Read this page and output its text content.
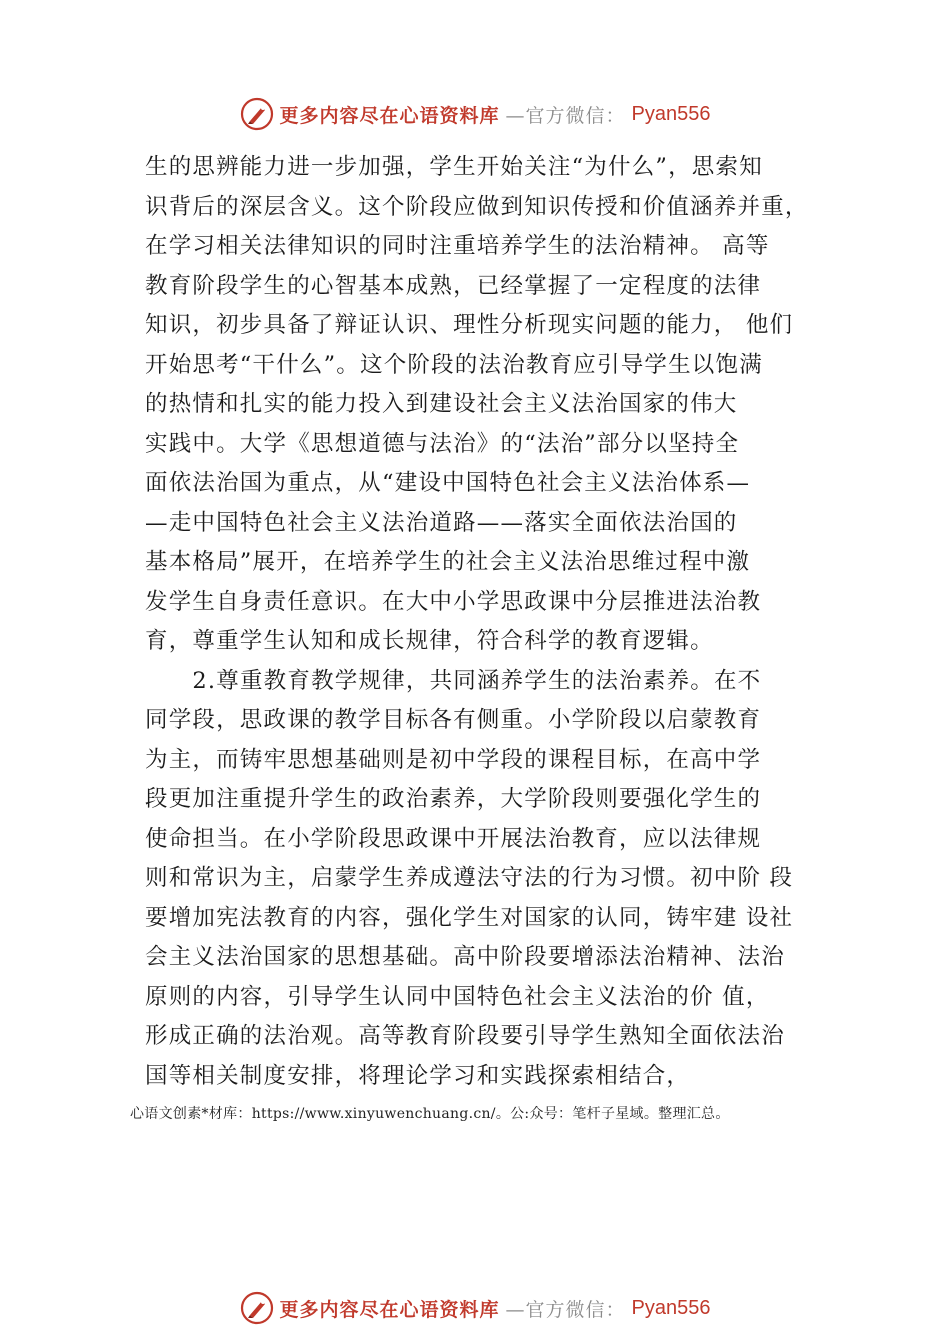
更多内容尽在心语资料库 —官方微信： Pyan556
生的思辨能力进一步加强，学生开始关注“为什么”，思索知
识背后的深层含义。这个阶段应做到知识传授和价值涵养并重，
在学习相关法律知识的同时注重培养学生的法治精神。 高等
教育阶段学生的心智基本成熟，已经掌握了一定程度的法律
知识，初步具备了辩证认识、理性分析现实问题的能力， 他们
开始思考“干什么”。这个阶段的法治教育应引导学生以饱满
的热情和扎实的能力投入到建设社会主义法治国家的伟大
实践中。大学《思想道德与法治》的“法治”部分以坚持全
面依法治国为重点，从“建设中国特色社会主义法治体系—
—走中国特色社会主义法治道路——落实全面依法治国的
基本格局”展开，在培养学生的社会主义法治思维过程中激
发学生自身责任意识。在大中小学思政课中分层推进法治教
育，尊重学生认知和成长规律，符合科学的教育逻辑。
　　2.尊重教育教学规律，共同涵养学生的法治素养。在不
同学段，思政课的教学目标各有侧重。小学阶段以启蒙教育
为主，而铸牢思想基础则是初中学段的课程目标，在高中学
段更加注重提升学生的政治素养，大学阶段则要强化学生的
使命担当。在小学阶段思政课中开展法治教育，应以法律规
则和常识为主，启蒙学生养成遵法守法的行为习惯。初中阶 段
要增加宪法教育的内容，强化学生对国家的认同，铸牢建 设社
会主义法治国家的思想基础。高中阶段要增添法治精神、法治
原则的内容，引导学生认同中国特色社会主义法治的价 值，
形成正确的法治观。高等教育阶段要引导学生熟知全面依法治
国等相关制度安排，将理论学习和实践探索相结合，
心语文创素*材库：https://www.xinyuwenchuang.cn/。公:众号：笔杆子星域。整理汇总。
更多内容尽在心语资料库 —官方微信： Pyan556
